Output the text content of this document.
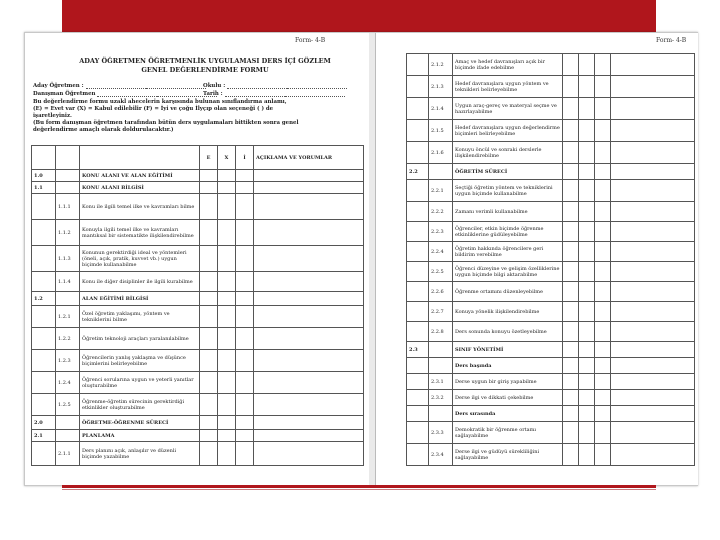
Form- 4-B
ADAY ÖĞRETMEN ÖĞRETMENLİK UYGULAMASI DERS İÇİ GÖZLEM
GENEL DEĞERLENDİRME FORMU
Aday Öğretmen :	Okulu :
Danışman Öğretmen	Tarih :
Bu değerlendirme formu uzakl ahecelerin karşısında bulunan sınıflandırma anlamı,
(E) = Evet var (X) = Kabul edilebilir (F) = İyi ve çoğu İlyçıp olan seçeneği ( ) de
işaretleyiniz.
(Bu form danışman öğretmen tarafından bütün ders uygulamaları bittikten sonra genel
değerlendirme amaçlı olarak doldurulacaktır.)
			E	X	İ	AÇIKLAMA VE YORUMLAR
1.0		KONU ALANI VE ALAN EĞİTİMİ				
1.1		KONU ALANI BİLGİSİ				
	1.1.1	Konu ile ilgili temel ilke ve kavramları bilme				
	1.1.2	Konuyla ilgili temel ilke ve kavramları mantıksal bir sistematikte ilişkilendirebilme				
	1.1.3	Konunun gerektirdiği ideal ve yöntemleri (öneli, açık, pratik, kuvvet vb.) uygun biçimde kullanabilme				
	1.1.4	Konu ile diğer disiplinler ile ilgili kurabilme				
1.2		ALAN EĞİTİMİ BİLGİSİ				
	1.2.1	Özel öğretim yaklaşımı, yöntem ve tekniklerini bilme				
	1.2.2	Öğretim teknoloji araçları yaralanılabilme				
	1.2.3	Öğrencilerin yanlış yaklaşma ve düşünce biçimlerini belirleyebilme				
	1.2.4	Öğrenci sorularına uygun ve yeterli yanıtlar oluşturabilme				
	1.2.5	Öğrenme-öğretim sürecinin gerektirdiği etkinlikler oluşturabilme				
2.0		ÖĞRETME-ÖĞRENME SÜRECİ				
2.1		PLANLAMA				
	2.1.1	Ders planını açık, anlaşılır ve düzenli biçimde yazabilme				
Form- 4-B
	2.1.2	Amaç ve hedef davranışları açık bir biçimde ifade edebilme				
	2.1.3	Hedef davranışlara uygun yöntem ve teknikleri belirleyebilme				
	2.1.4	Uygun araç-gereç ve materyal seçme ve hazırlayabilme				
	2.1.5	Hedef davranışlara uygun değerlendirme biçimleri belirleyebilme				
	2.1.6	Konuyu öncül ve sonraki derslerle ilişkilendirebilme				
2.2		ÖĞRETİM SÜRECİ				
	2.2.1	Seçtiği öğretim yöntem ve tekniklerini uygun biçimde kullanabilme				
	2.2.2	Zamanı verimli kullanabilme				
	2.2.3	Öğrenciler, etkin biçimde öğrenme etkinliklerine güdüleyebilme				
	2.2.4	Öğretim hakkında öğrencilere geri bildirim verebilme				
	2.2.5	Öğrenci düzeyine ve gelişim özelliklerine uygun biçimde bilgi aktarabilme				
	2.2.6	Öğrenme ortamını düzenleyebilme				
	2.2.7	Konuya yönelik ilişkilendirebilme				
	2.2.8	Ders sonunda konuyu özetleyebilme				
2.3		SINIF YÖNETİMİ				
		Ders başında				
	2.3.1	Derse uygun bir giriş yapabilme				
	2.3.2	Derse ilgi ve dikkati çekebilme				
		Ders sırasında				
	2.3.3	Demokratik bir öğrenme ortamı sağlayabilme				
	2.3.4	Derse ilgi ve güdüyü sürekliliğini sağlayabilme				
